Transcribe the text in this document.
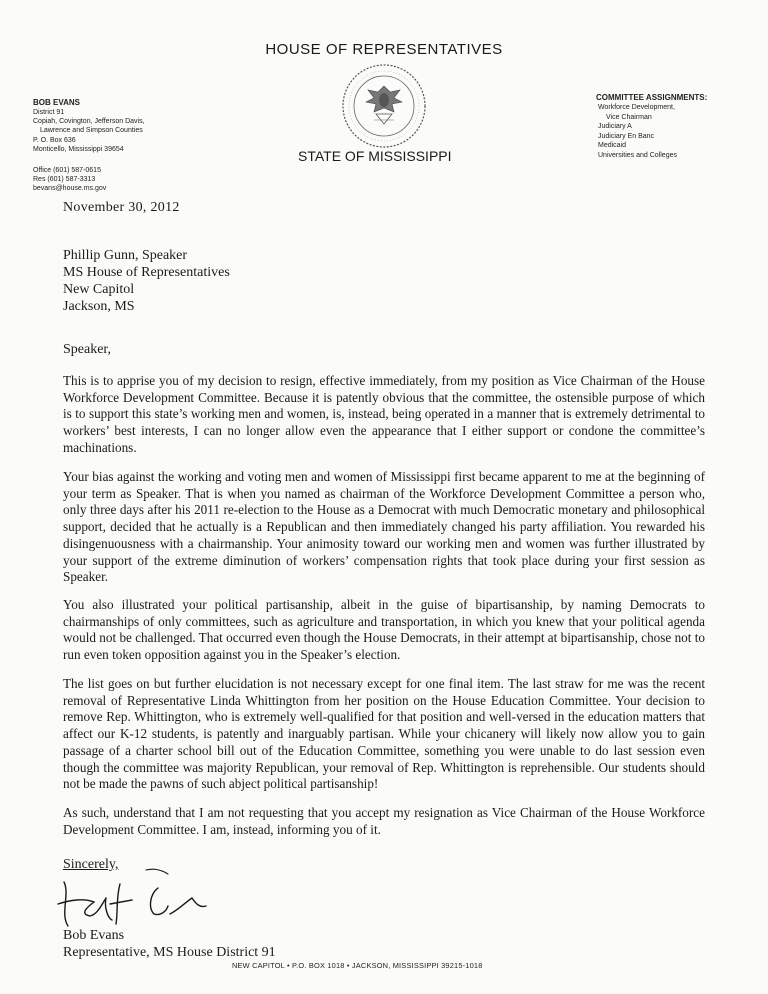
HOUSE OF REPRESENTATIVES
STATE OF MISSISSIPPI
BOB EVANS
District 91
Copiah, Covington, Jefferson Davis,
Lawrence and Simpson Counties
P. O. Box 636
Monticello, Mississippi 39654
Office (601) 587-0615
Res (601) 587-3313
bevans@house.ms.gov
COMMITTEE ASSIGNMENTS:
Workforce Development,
Vice Chairman
Judiciary A
Judiciary En Banc
Medicaid
Universities and Colleges
November 30, 2012
Phillip Gunn, Speaker
MS House of Representatives
New Capitol
Jackson, MS
Speaker,
This is to apprise you of my decision to resign, effective immediately, from my position as Vice Chairman of the House Workforce Development Committee. Because it is patently obvious that the committee, the ostensible purpose of which is to support this state’s working men and women, is, instead, being operated in a manner that is extremely detrimental to workers’ best interests, I can no longer allow even the appearance that I either support or condone the committee’s machinations.
Your bias against the working and voting men and women of Mississippi first became apparent to me at the beginning of your term as Speaker. That is when you named as chairman of the Workforce Development Committee a person who, only three days after his 2011 re-election to the House as a Democrat with much Democratic monetary and philosophical support, decided that he actually is a Republican and then immediately changed his party affiliation. You rewarded his disingenuousness with a chairmanship. Your animosity toward our working men and women was further illustrated by your support of the extreme diminution of workers’ compensation rights that took place during your first session as Speaker.
You also illustrated your political partisanship, albeit in the guise of bipartisanship, by naming Democrats to chairmanships of only committees, such as agriculture and transportation, in which you knew that your political agenda would not be challenged. That occurred even though the House Democrats, in their attempt at bipartisanship, chose not to run even token opposition against you in the Speaker’s election.
The list goes on but further elucidation is not necessary except for one final item. The last straw for me was the recent removal of Representative Linda Whittington from her position on the House Education Committee. Your decision to remove Rep. Whittington, who is extremely well-qualified for that position and well-versed in the education matters that affect our K-12 students, is patently and inarguably partisan. While your chicanery will likely now allow you to gain passage of a charter school bill out of the Education Committee, something you were unable to do last session even though the committee was majority Republican, your removal of Rep. Whittington is reprehensible. Our students should not be made the pawns of such abject political partisanship!
As such, understand that I am not requesting that you accept my resignation as Vice Chairman of the House Workforce Development Committee. I am, instead, informing you of it.
Sincerely,
Bob Evans
Representative, MS House District 91
NEW CAPITOL • P.O. BOX 1018 • JACKSON, MISSISSIPPI 39215-1018
